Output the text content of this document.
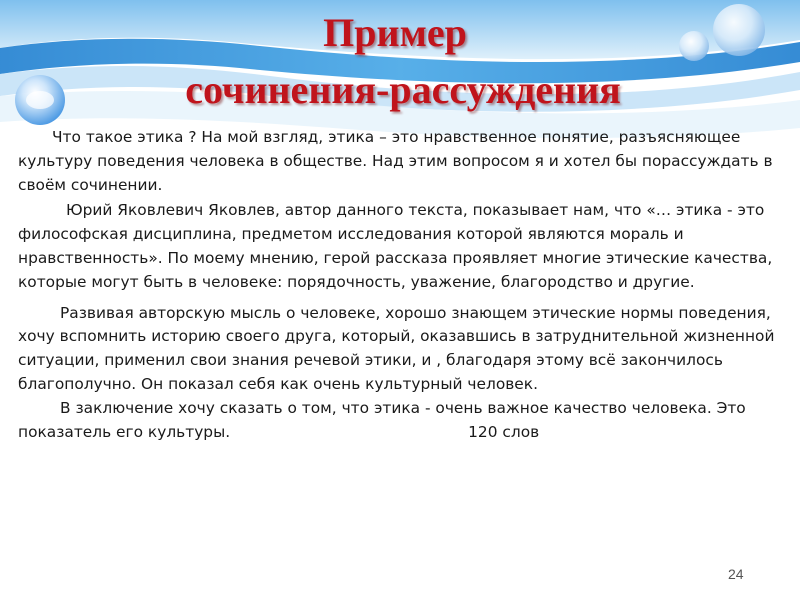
Пример
сочинения-рассуждения

Что такое этика ? На мой взгляд, этика – это нравственное понятие, разъясняющее культуру поведения человека в обществе. Над этим вопросом я и хотел бы порассуждать в своём сочинении.

Юрий Яковлевич Яковлев, автор данного текста, показывает нам, что «… этика - это философская дисциплина, предметом исследования которой являются мораль и нравственность». По моему мнению, герой рассказа проявляет многие этические качества, которые могут быть в человеке: порядочность, уважение, благородство и другие.

Развивая авторскую мысль о человеке, хорошо знающем этические нормы поведения, хочу вспомнить историю своего друга, который, оказавшись в затруднительной жизненной ситуации, применил свои знания речевой этики, и , благодаря этому всё закончилось благополучно. Он показал себя как очень культурный человек.

В заключение хочу сказать о том, что этика - очень важное качество человека. Это показатель его культуры.	120 слов

24
